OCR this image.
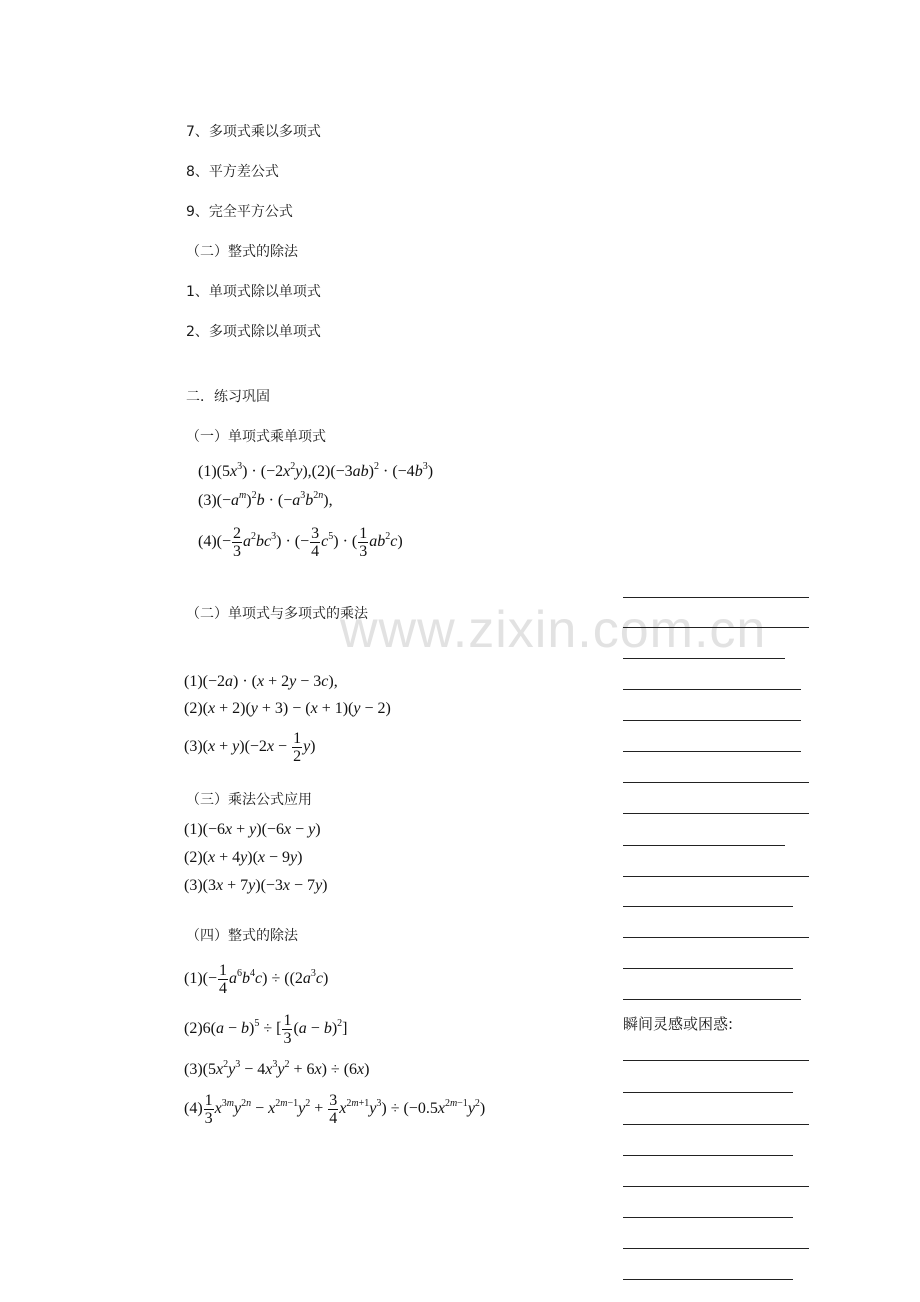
www.zixin.com.cn
7、多项式乘以多项式
8、平方差公式
9、完全平方公式
（二）整式的除法
1、单项式除以单项式
2、多项式除以单项式
二．练习巩固
（一）单项式乘单项式
$(1)(5x^3) \cdot (-2x^2y),(2)(-3ab)^2 \cdot (-4b^3)$
$(3)(-a^m)^2b \cdot (-a^3b^{2n})$,
$(4)(- \frac{2}{3} a^2bc^3)$ · (− $\frac{3}{4} c^5$) · ( $\frac{1}{3} ab^2c$)
（二）单项式与多项式的乘法
(1)(−2a) · (x + 2y − 3c),
(2)(x + 2)(y + 3) − (x + 1)(y − 2)
$(3)(x + y)(-2x - \frac{1}{2} y)$
（三）乘法公式应用
(1)(−6x + y)(−6x − y)
(2)(x + 4y)(x − 9y)
(3)(3x + 7y)(−3x − 7y)
（四）整式的除法
$(1)(- \frac{1}{4} a^6b^4c) \div ((2a^3c)$
$(2)6(a - b)^5$ ÷ [ $\frac{1}{3} (a - b)^2$]
$(3)(5x^2y^3 - 4x^3y^2 + 6x) \div (6x)$
$(4) \frac{1}{3} x^{3m}y^{2n} - x^{2m-1}y^2 + \frac{3}{4} x^{2m+1}y^3) \div (-0.5x^{2m-1}y^2)$
瞬间灵感或困惑:
